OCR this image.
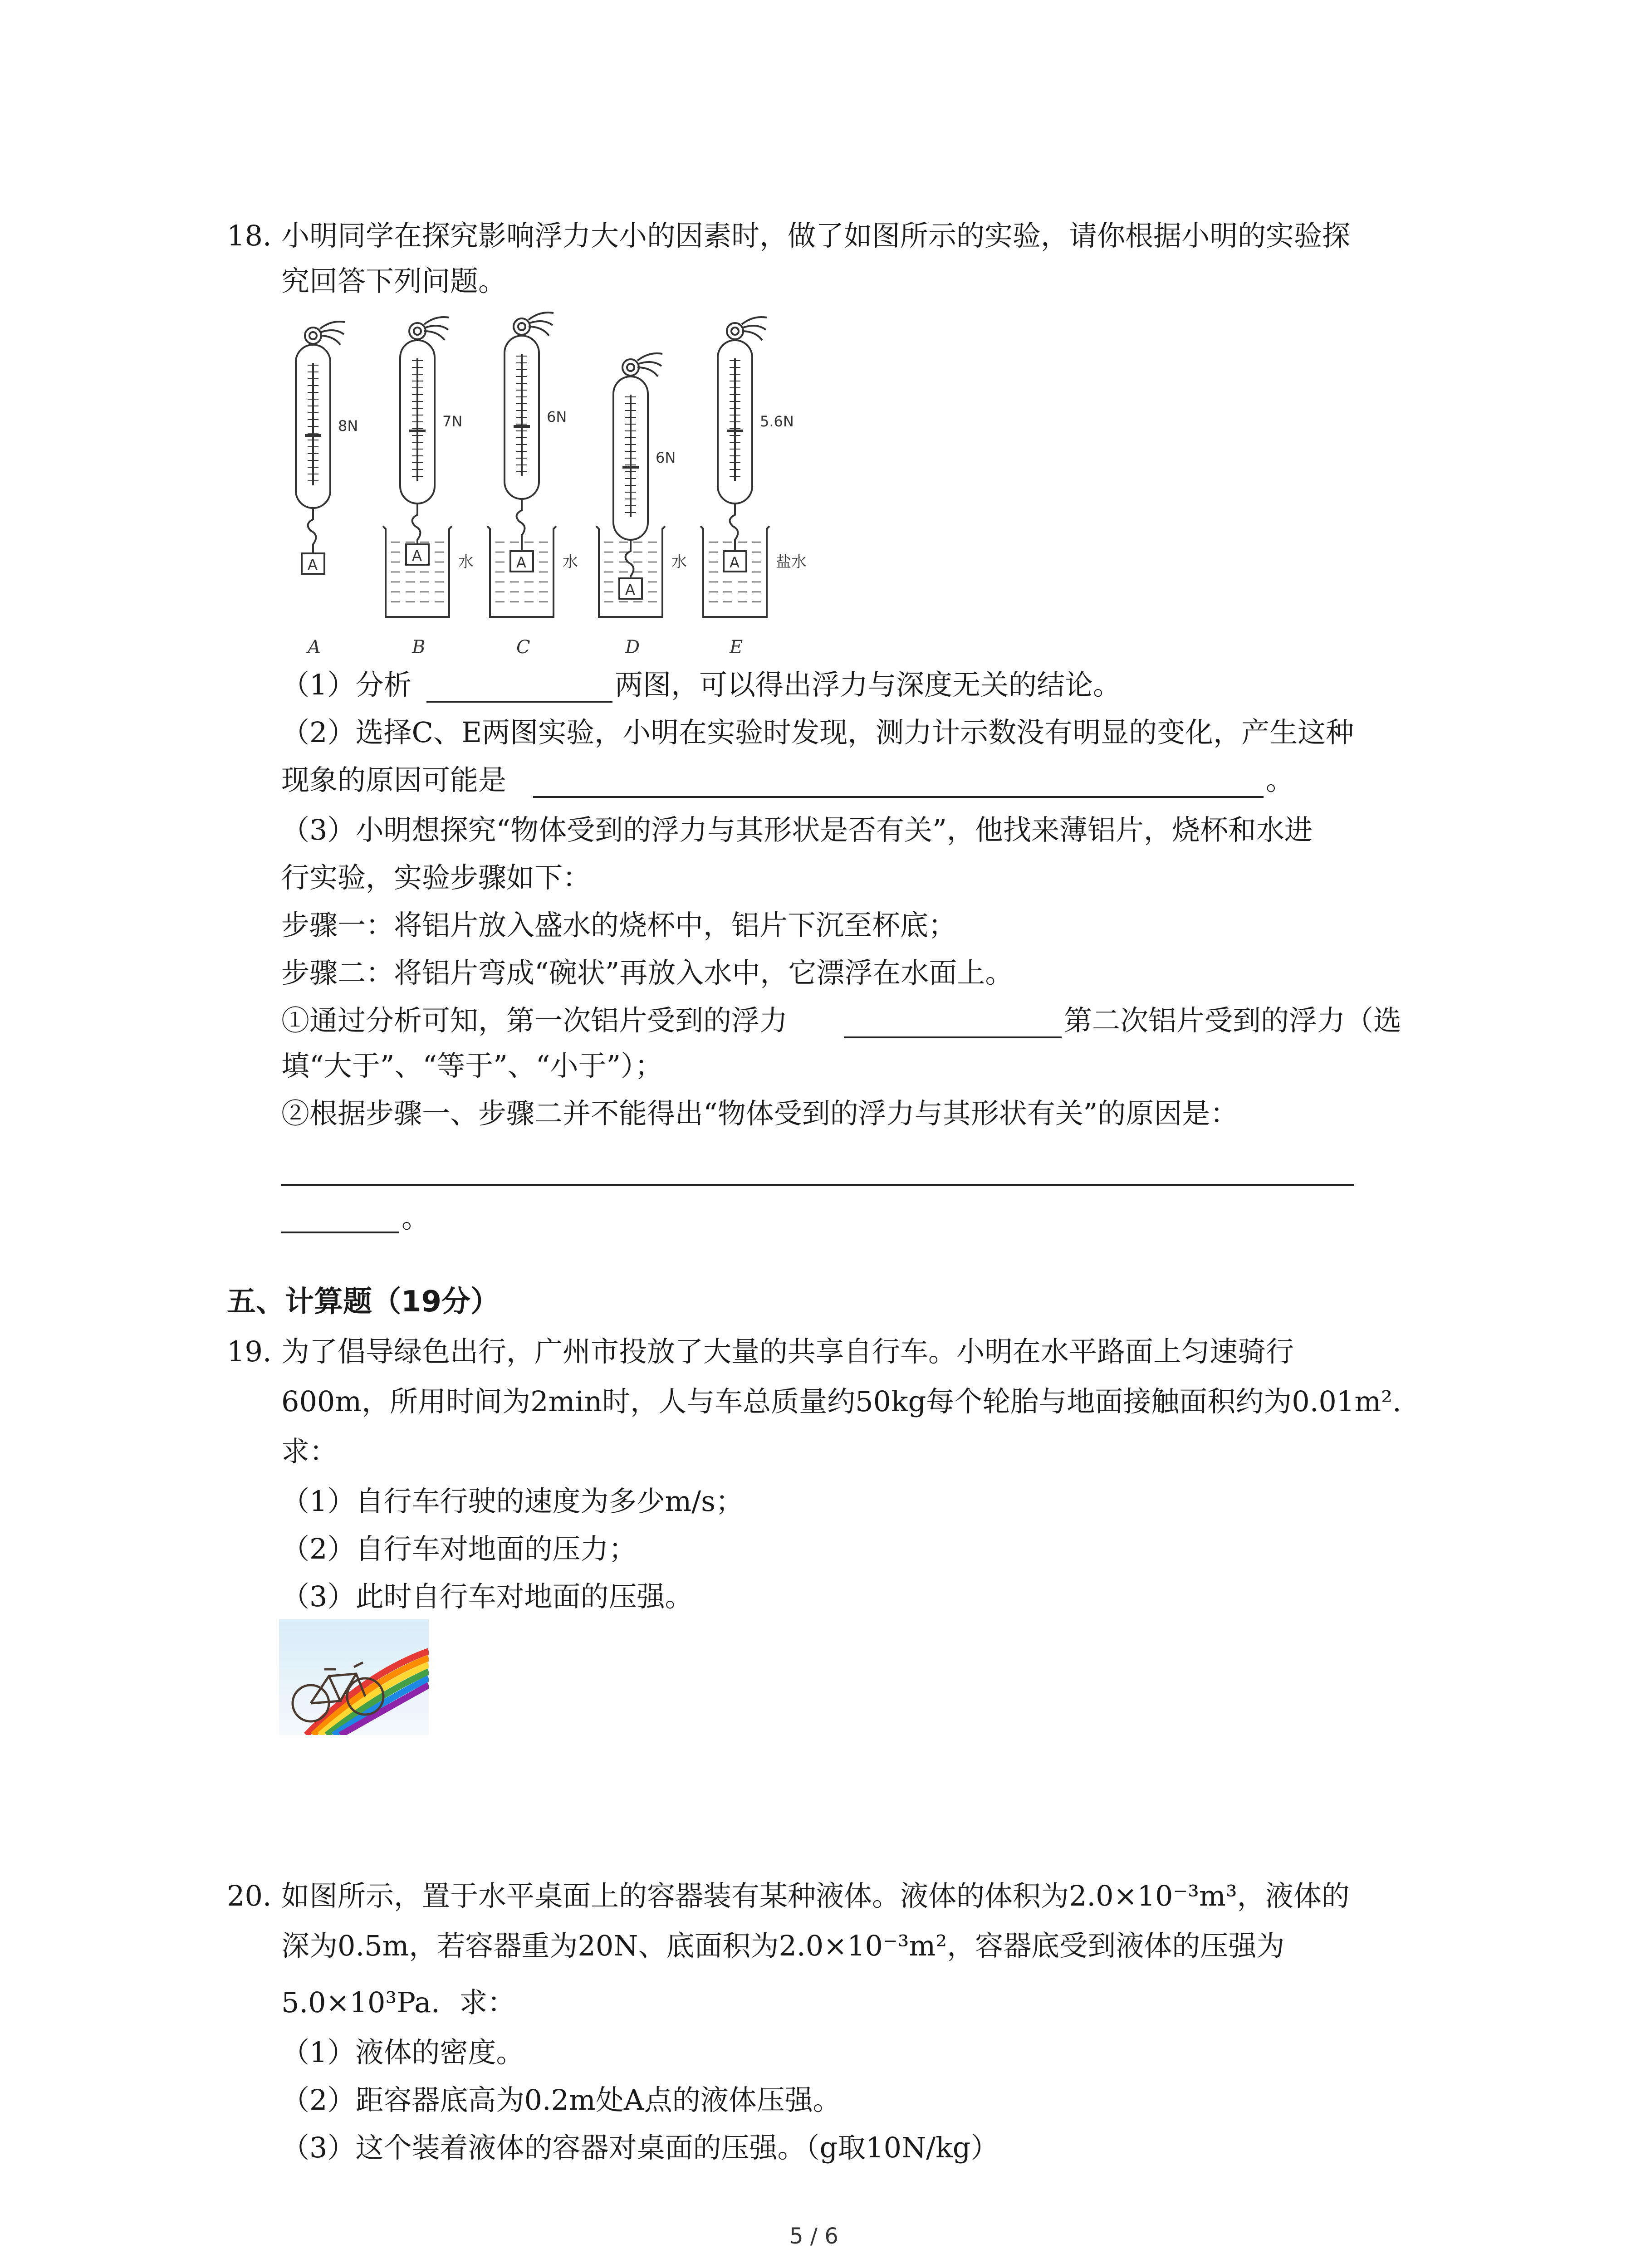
18. 小明同学在探究影响浮力大小的因素时，做了如图所示的实验，请你根据小明的实验探
究回答下列问题。
8N
A
A
7N
水
A
B
6N
水
A
C
6N
水
A
D
5.6N
盐水
A
E
（1）分析	两图，可以得出浮力与深度无关的结论。
（2）选择C、E两图实验，小明在实验时发现，测力计示数没有明显的变化，产生这种
现象的原因可能是	。
（3）小明想探究“物体受到的浮力与其形状是否有关”，他找来薄铝片，烧杯和水进
行实验，实验步骤如下：
步骤一：将铝片放入盛水的烧杯中，铝片下沉至杯底；
步骤二：将铝片弯成“碗状”再放入水中，它漂浮在水面上。
①通过分析可知，第一次铝片受到的浮力	第二次铝片受到的浮力（选
填“大于”、“等于”、“小于”）；
②根据步骤一、步骤二并不能得出“物体受到的浮力与其形状有关”的原因是：
。
五、计算题（19分）
19. 为了倡导绿色出行，广州市投放了大量的共享自行车。小明在水平路面上匀速骑行
600m，所用时间为2min时，人与车总质量约50kg每个轮胎与地面接触面积约为0.01m².
求：
（1）自行车行驶的速度为多少m/s；
（2）自行车对地面的压力；
（3）此时自行车对地面的压强。
20. 如图所示，置于水平桌面上的容器装有某种液体。液体的体积为2.0×10⁻³m³，液体的
深为0.5m，若容器重为20N、底面积为2.0×10⁻³m²，容器底受到液体的压强为
5.0×10³Pa．求：
（1）液体的密度。
（2）距容器底高为0.2m处A点的液体压强。
（3）这个装着液体的容器对桌面的压强。（g取10N/kg）
5 / 6
